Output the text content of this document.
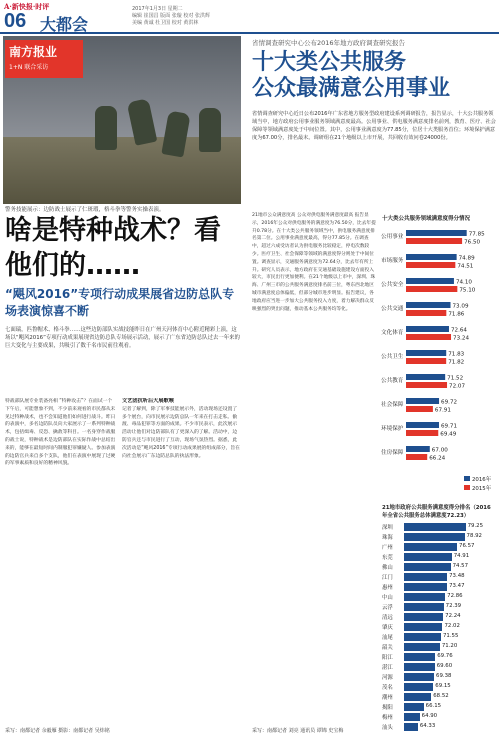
A·新快报·时评
06 大都会
2017年1月3日 星期二
编辑 崔国昌 版面 张璇 校对 张洪辉
美编 黄诚 杜卫国 校对 黄洪林
南方报业
1+N 联合采访
警务技能展示：边防战士展示了仁斑瑕，格斗拳等警务实操表演。
啥是特种战术？看他们的……
“飓风2016”专项行动成果展省边防总队专场表演惊喜不断
七面瑞，匹鲁帽术、格斗拳……这些边防部队实战技能昨日在广州天河体育中心附近精彩上演，这场以“飓风2016”专项行动成果展现省边防总队专场展示活动，展示了广东省边防总队过去一年来的巨大变化与主要成果，共吸引了数千名市民前往观看。
特战部队展专业装备亮相 “特种攻击”？在面试一个下午后，可能想象不到，不少前来观看的市民都从未见过特种战术，也不会知道他们如何进行战斗。昨日的表演中，多名边防队员向大家展示了一系列特种战术，包括缉毒、反恐、擒敌等科目。一名身穿作战服的战士说，特种战术是边防部队在实际作战中总结出来的，能够在最短时间内制服犯罪嫌疑人。参加表演的边防官兵来自多个支队，他们在表演中展现了过硬的军事素质和良好的精神风貌。
文艺团抗听后大展歌喉
记者了解到，除了军事技能展示外，活动现场还设置了多个展台，向市民展示边防总队一年来在打击走私、偷渡、毒品犯罪等方面的成果。不少市民表示，此次展示活动让他们对边防部队有了更深入的了解。活动中，边防官兵还与市民进行了互动，现场气氛热烈。据悉，此次活动是“飓风2016”专项行动成果展的组成部分，旨在向社会展示广东边防总队的执法形象。
采写：南都记者 余毅雁 摄影：南都记者 吴炜铭
省情调查研究中心公布2016年地方政府调查研究报告
十大类公共服务
公众最满意公用事业
省情调查研究中心近日公布2016年广东省地方服务型政府建设系列调研报告，报告显示，十大公共服务领域当中，地方政府公用事业服务领域满意度最高。公用事业、供电服务满意度排名前列，教育、医疗、社会保障等领域满意度处于中间位置。其中，公用事业满意度为77.85分，位居十大类服务首位；环境保护满意度为67.00分，排名最末。调研组在21个地级以上市开展，共回收有效问卷24000份。
21地市公众满意度高 公众对供电服务满意度最高 报告显示，2016年公众对供电服务的满意度为76.50分，比去年提升0.78分。在十大类公共服务领域当中，供电服务满意度排名第二位。公用事业满意度最高，得分77.85分。在调查中，超过六成受访者认为供电服务比较稳定，停电次数较少。医疗卫生、社会保障等领域的满意度得分则处于中间位置。调查显示，交通服务满意度为72.64分，比去年有所上升。研究人员表示，地方政府在交通基础设施建设方面投入较大，市民出行更加便利。在21个地级以上市中，深圳、珠海、广州三市的公共服务满意度排名前三位，粤东西北地区城市满意度总体偏低，但部分城市进步明显。报告建议，各地政府应当进一步加大公共服务投入力度，着力解决群众反映强烈的突出问题，推动基本公共服务均等化。
采写：南都记者 刘亮 通讯员 谭锦 史宝梅
十大类公共服务领域满意度得分情况
公用事业	77.85
76.50
市场服务	74.89
74.51
公共安全	74.10
75.10
公共交通	73.09
71.86
文化体育	72.64
73.24
公共卫生	71.83
71.82
公共教育	71.52
72.07
社会保障	69.72
67.91
环境保护	69.71
69.49
住房保障	67.00
66.24
2016年
2015年
21地市政府公共服务满意度得分排名（2016年全省公共服务总体满意度72.23）
深圳	79.25
珠海	78.92
广州	76.57
东莞	74.91
佛山	74.57
江门	73.48
惠州	73.47
中山	72.86
云浮	72.39
清远	72.24
肇庆	72.02
汕尾	71.55
韶关	71.20
阳江	69.76
湛江	69.60
河源	69.38
茂名	69.15
潮州	68.52
揭阳	66.15
梅州	64.90
汕头	64.33
